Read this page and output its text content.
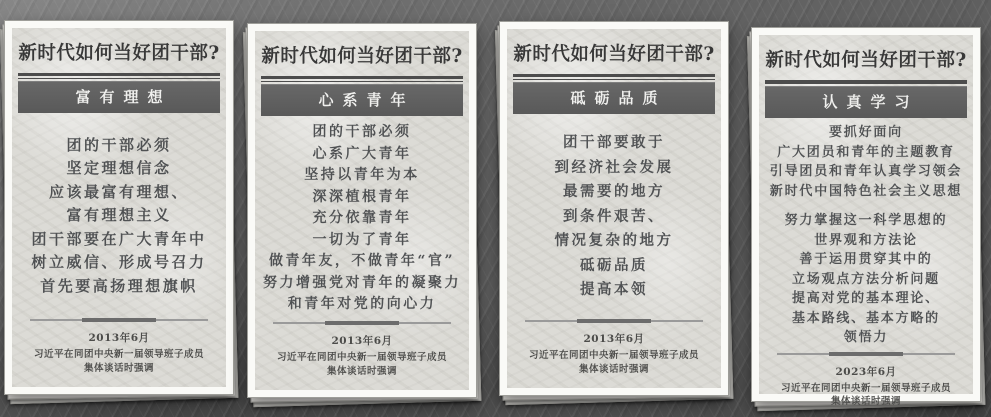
新时代如何当好团干部?
富有理想
团的干部必须
坚定理想信念
应该最富有理想、
富有理想主义
团干部要在广大青年中
树立威信、形成号召力
首先要高扬理想旗帜
2013年6月
习近平在同团中央新一届领导班子成员
集体谈话时强调
新时代如何当好团干部?
心系青年
团的干部必须
心系广大青年
坚持以青年为本
深深植根青年
充分依靠青年
一切为了青年
做青年友，不做青年“官”
努力增强党对青年的凝聚力
和青年对党的向心力
2013年6月
习近平在同团中央新一届领导班子成员
集体谈话时强调
新时代如何当好团干部?
砥砺品质
团干部要敢于
到经济社会发展
最需要的地方
到条件艰苦、
情况复杂的地方
砥砺品质
提高本领
2013年6月
习近平在同团中央新一届领导班子成员
集体谈话时强调
新时代如何当好团干部?
认真学习
要抓好面向
广大团员和青年的主题教育
引导团员和青年认真学习领会
新时代中国特色社会主义思想
努力掌握这一科学思想的
世界观和方法论
善于运用贯穿其中的
立场观点方法分析问题
提高对党的基本理论、
基本路线、基本方略的
领悟力
2023年6月
习近平在同团中央新一届领导班子成员
集体谈话时强调
